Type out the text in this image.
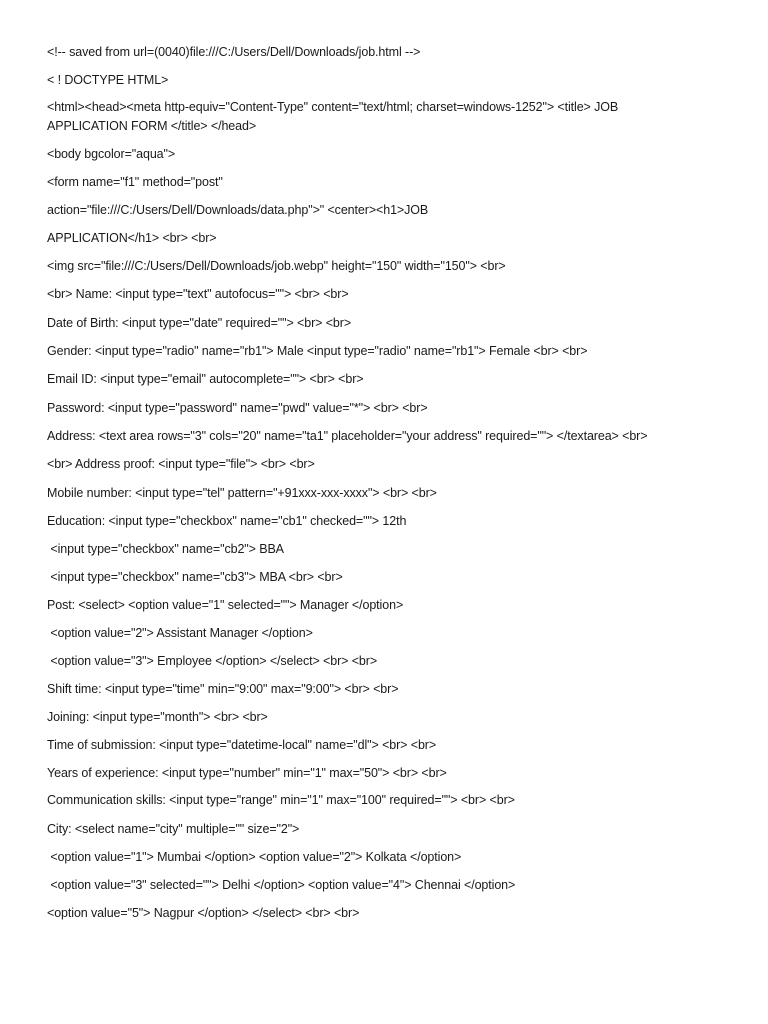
<!-- saved from url=(0040)file:///C:/Users/Dell/Downloads/job.html -->

< ! DOCTYPE HTML>

<html><head><meta http-equiv="Content-Type" content="text/html; charset=windows-1252"> <title> JOB

APPLICATION FORM </title> </head>

<body bgcolor="aqua">

<form name="f1" method="post"

action="file:///C:/Users/Dell/Downloads/data.php">" <center><h1>JOB

APPLICATION</h1> <br> <br>

<img src="file:///C:/Users/Dell/Downloads/job.webp" height="150" width="150"> <br>

<br> Name: <input type="text" autofocus=""> <br> <br>

Date of Birth: <input type="date" required=""> <br> <br>

Gender: <input type="radio" name="rb1"> Male <input type="radio" name="rb1"> Female <br> <br>

Email ID: <input type="email" autocomplete=""> <br> <br>

Password: <input type="password" name="pwd" value="*"> <br> <br>

Address: <text area rows="3" cols="20" name="ta1" placeholder="your address" required=""> </textarea> <br>

<br> Address proof: <input type="file"> <br> <br>

Mobile number: <input type="tel" pattern="+91xxx-xxx-xxxx"> <br> <br>

Education: <input type="checkbox" name="cb1" checked=""> 12th

<input type="checkbox" name="cb2"> BBA

<input type="checkbox" name="cb3"> MBA <br> <br>

Post: <select> <option value="1" selected=""> Manager </option>

<option value="2"> Assistant Manager </option>

<option value="3"> Employee </option> </select> <br> <br>

Shift time: <input type="time" min="9:00" max="9:00"> <br> <br>

Joining: <input type="month"> <br> <br>

Time of submission: <input type="datetime-local" name="dl"> <br> <br>

Years of experience: <input type="number" min="1" max="50"> <br> <br>

Communication skills: <input type="range" min="1" max="100" required=""> <br> <br>

City: <select name="city" multiple="" size="2">

<option value="1"> Mumbai </option> <option value="2"> Kolkata </option>

<option value="3" selected=""> Delhi </option> <option value="4"> Chennai </option>

<option value="5"> Nagpur </option> </select> <br> <br>
